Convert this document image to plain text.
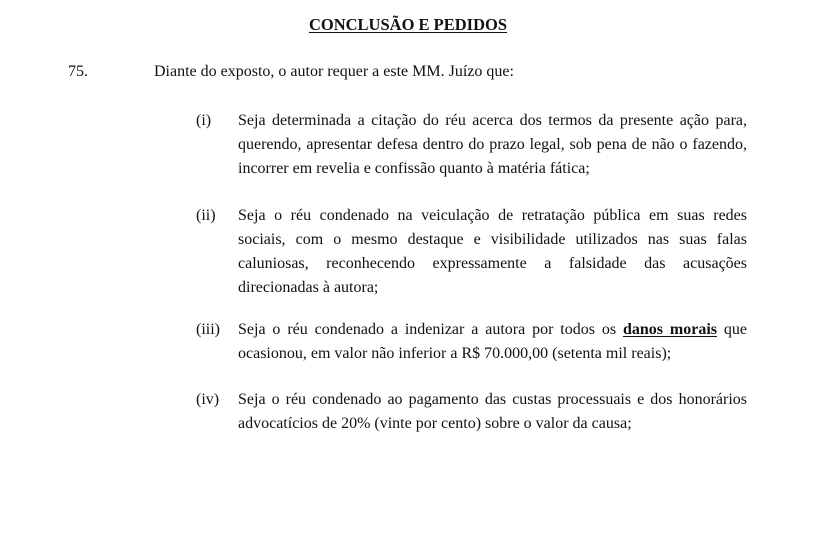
CONCLUSÃO E PEDIDOS
75.	Diante do exposto, o autor requer a este MM. Juízo que:
(i) Seja determinada a citação do réu acerca dos termos da presente ação para, querendo, apresentar defesa dentro do prazo legal, sob pena de não o fazendo, incorrer em revelia e confissão quanto à matéria fática;
(ii) Seja o réu condenado na veiculação de retratação pública em suas redes sociais, com o mesmo destaque e visibilidade utilizados nas suas falas caluniosas, reconhecendo expressamente a falsidade das acusações direcionadas à autora;
(iii) Seja o réu condenado a indenizar a autora por todos os danos morais que ocasionou, em valor não inferior a R$ 70.000,00 (setenta mil reais);
(iv) Seja o réu condenado ao pagamento das custas processuais e dos honorários advocatícios de 20% (vinte por cento) sobre o valor da causa;
